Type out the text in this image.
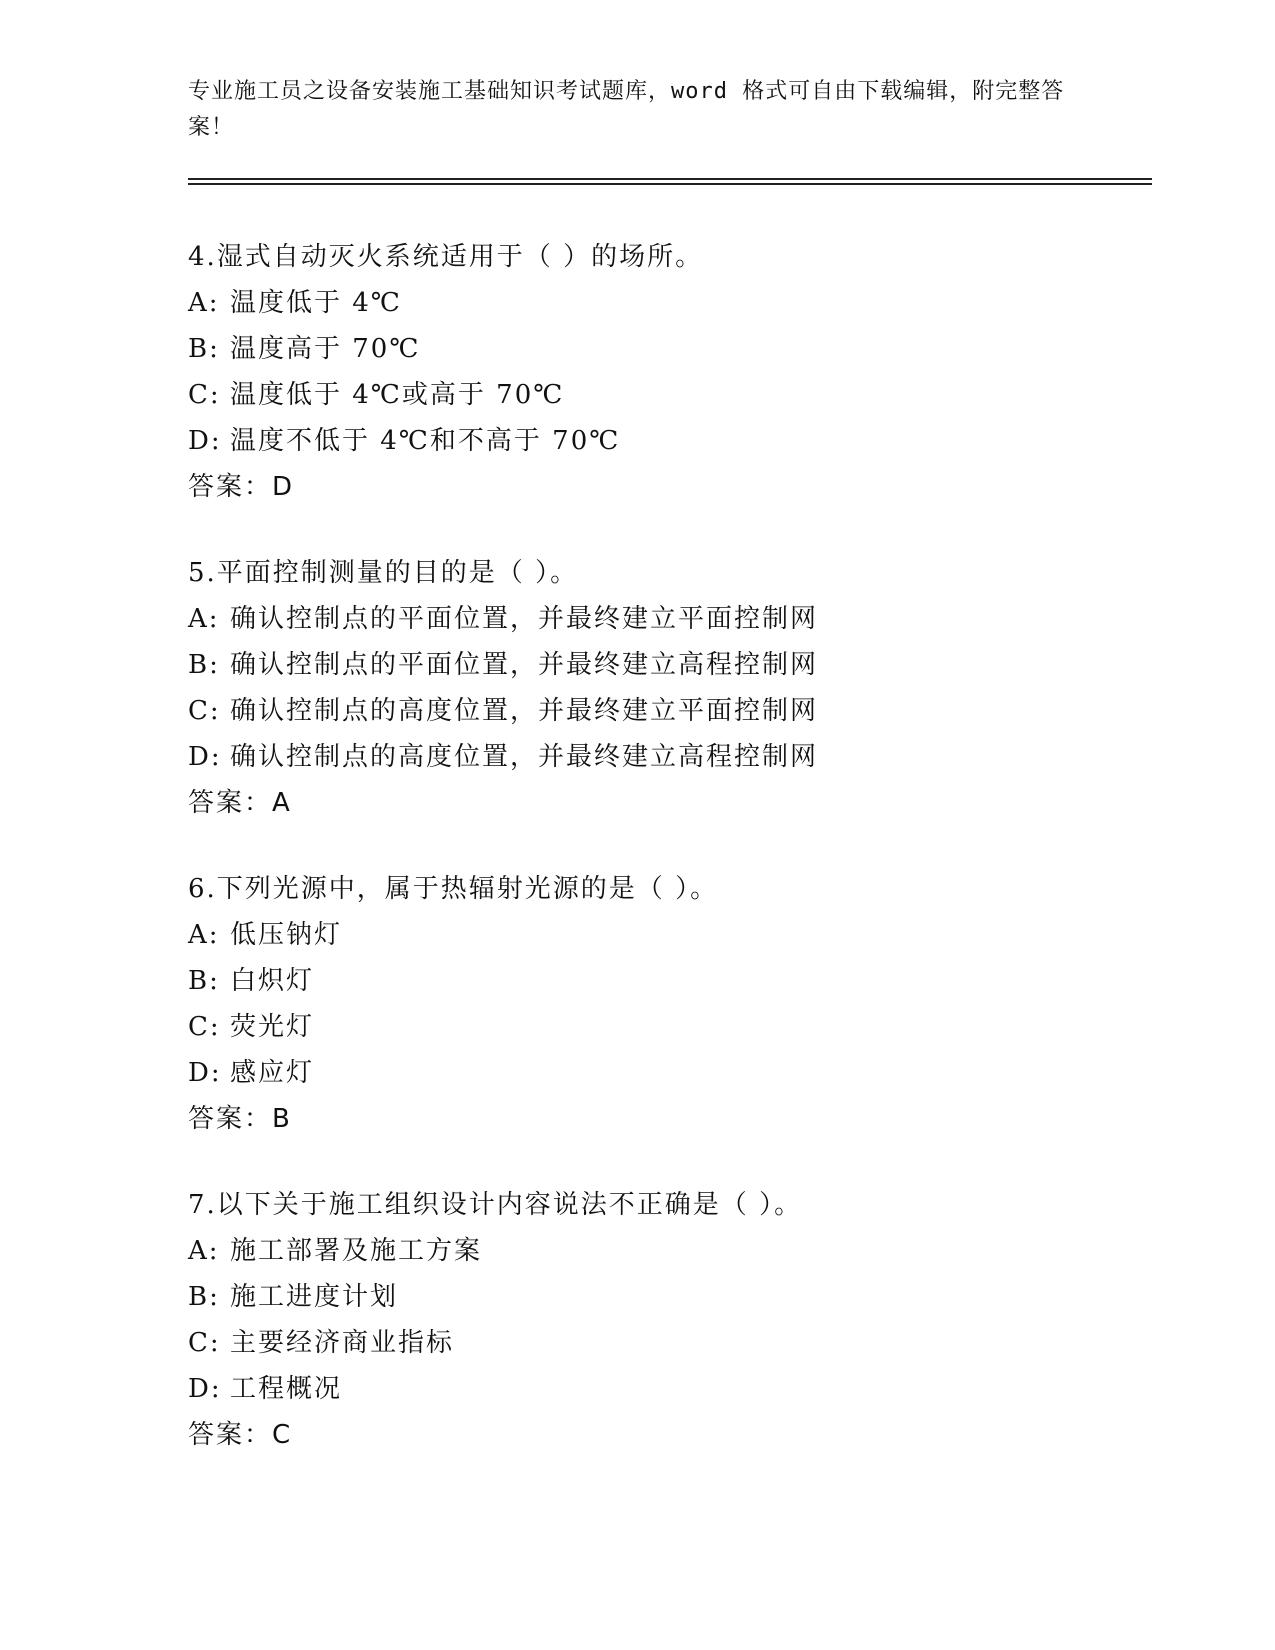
专业施工员之设备安装施工基础知识考试题库，word 格式可自由下载编辑，附完整答案！
4.湿式自动灭火系统适用于（ ）的场所。
A: 温度低于 4℃
B: 温度高于 70℃
C: 温度低于 4℃或高于 70℃
D: 温度不低于 4℃和不高于 70℃
答案：D
5.平面控制测量的目的是（ ）。
A: 确认控制点的平面位置，并最终建立平面控制网
B: 确认控制点的平面位置，并最终建立高程控制网
C: 确认控制点的高度位置，并最终建立平面控制网
D: 确认控制点的高度位置，并最终建立高程控制网
答案：A
6.下列光源中，属于热辐射光源的是（ ）。
A: 低压钠灯
B: 白炽灯
C: 荧光灯
D: 感应灯
答案：B
7.以下关于施工组织设计内容说法不正确是（ ）。
A: 施工部署及施工方案
B: 施工进度计划
C: 主要经济商业指标
D: 工程概况
答案：C
